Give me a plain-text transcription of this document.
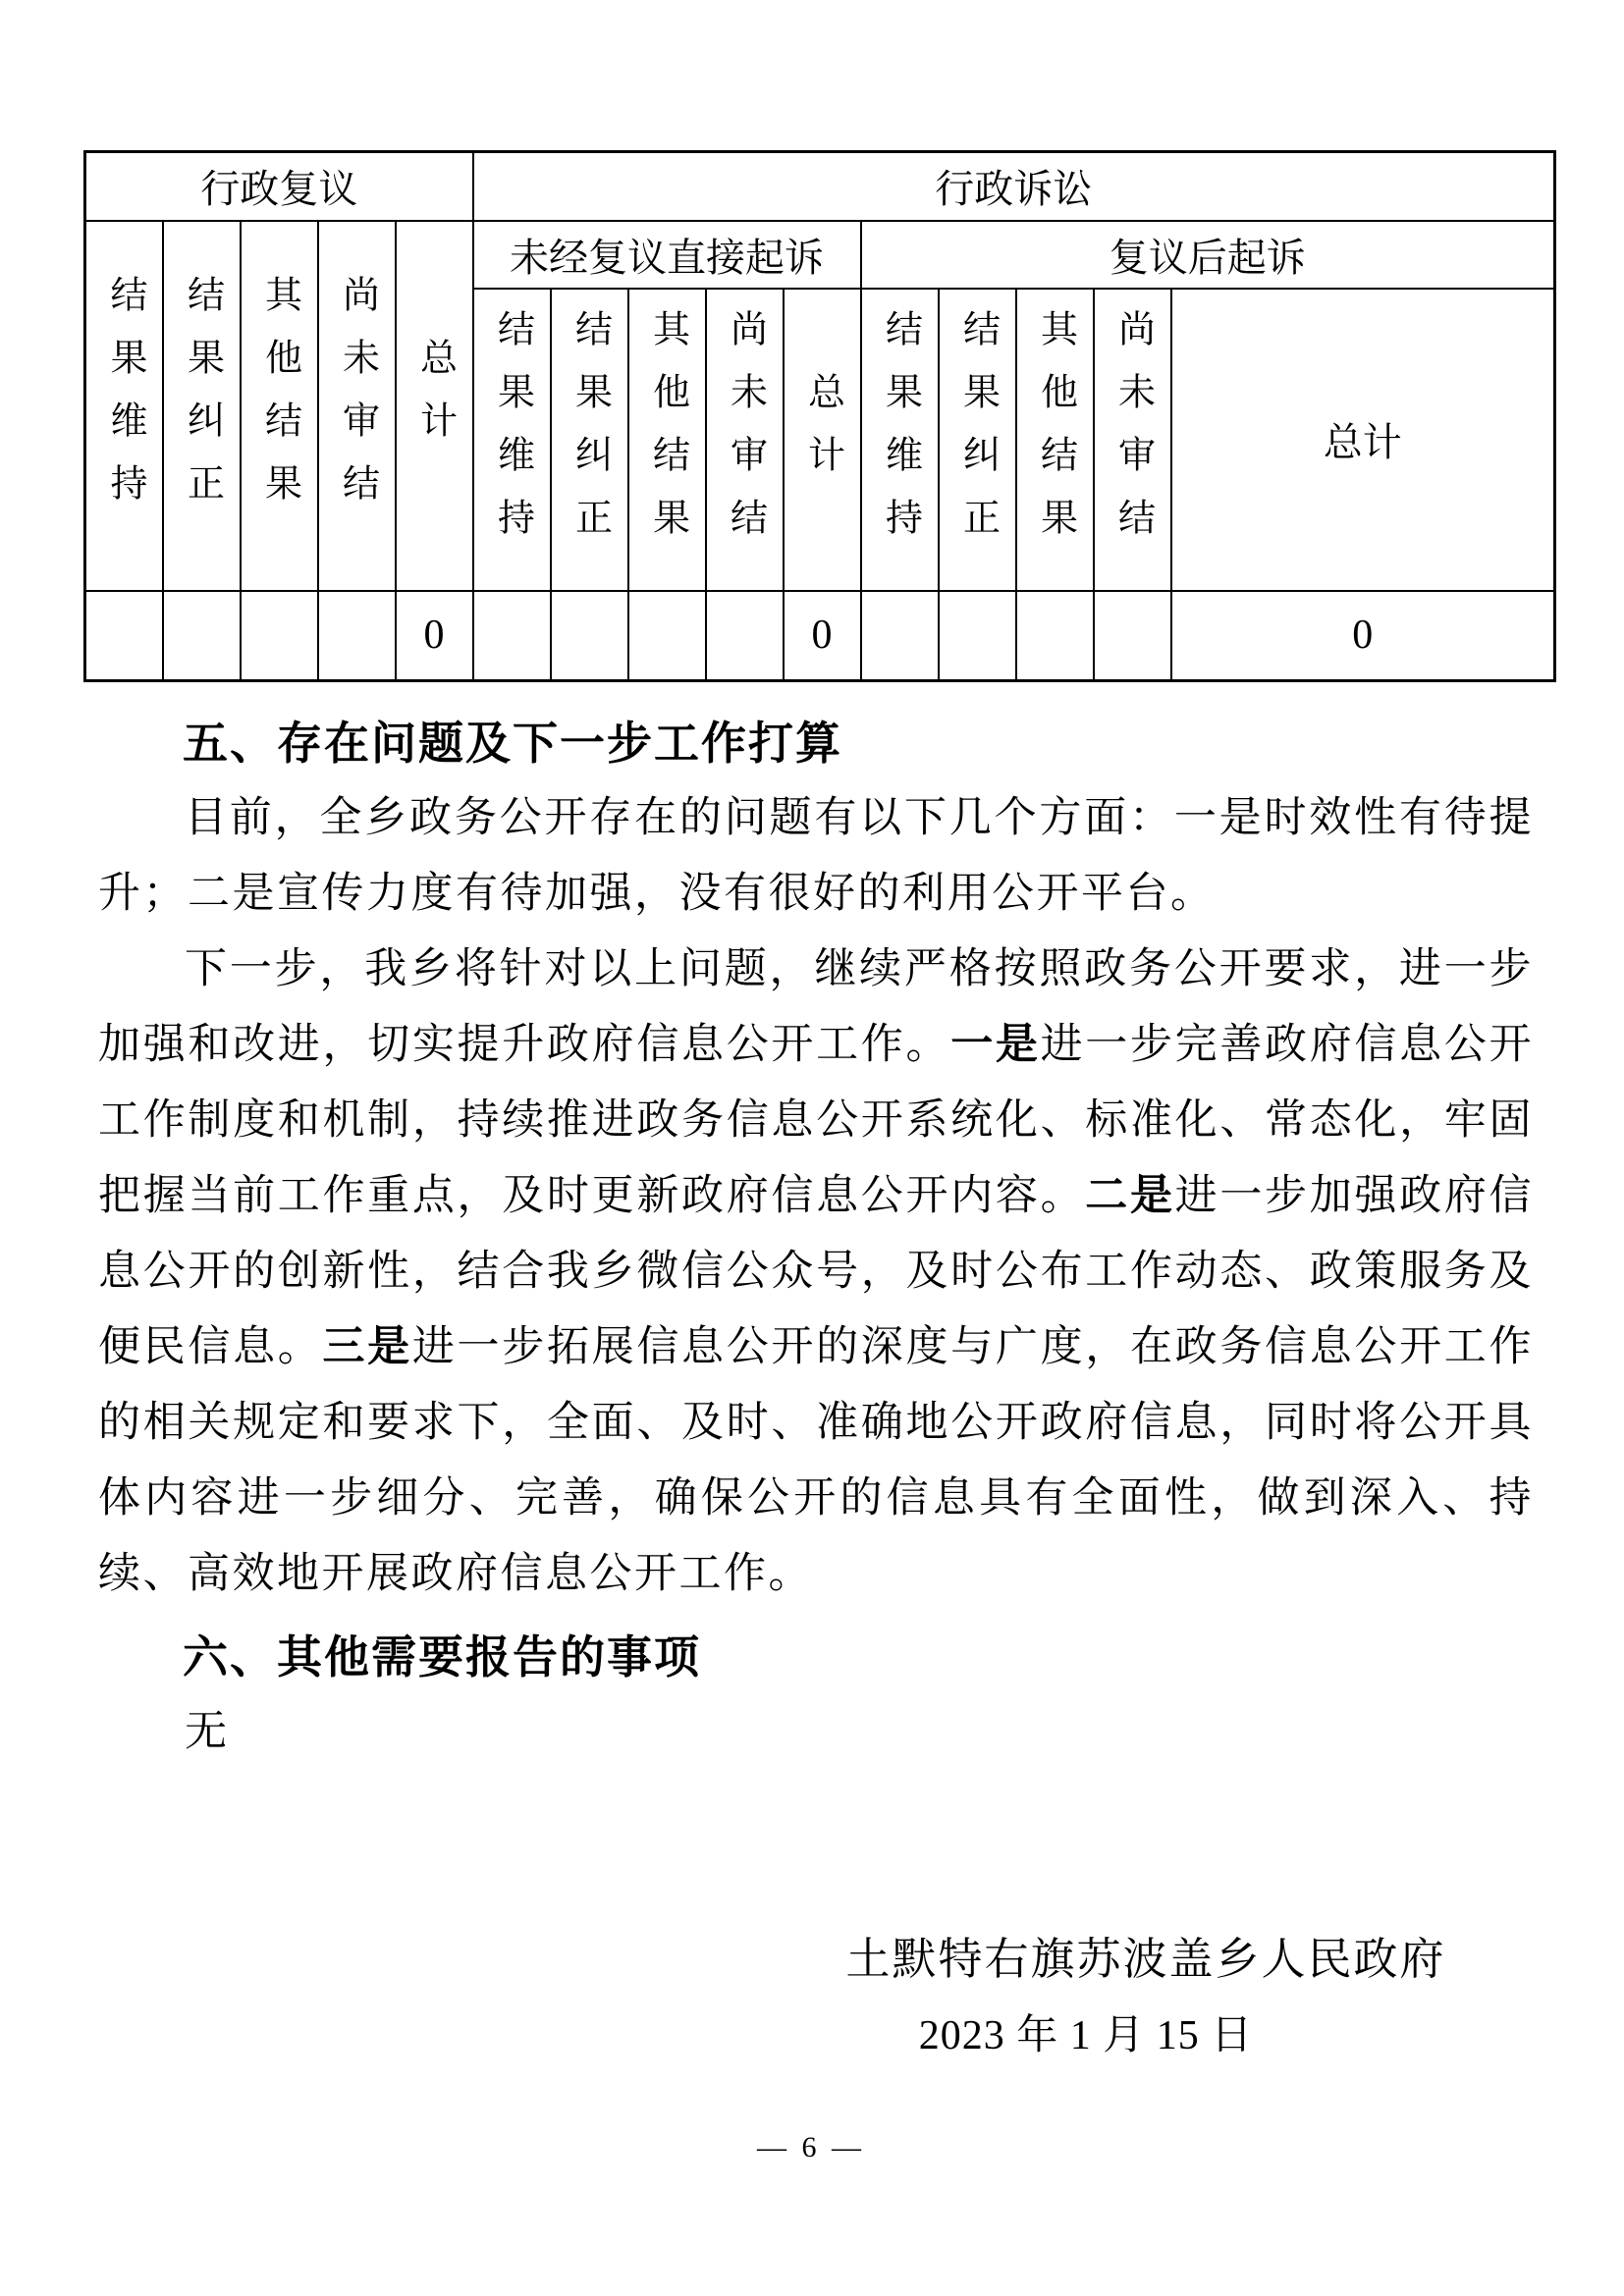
行政复议					行政诉讼									
结果维持	结果纠正	其他结果	尚未审结	总计	未经复议直接起诉					复议后起诉				
					结果维持	结果纠正	其他结果	尚未审结	总计	结果维持	结果纠正	其他结果	尚未审结	总计
				0					0					0
五、存在问题及下一步工作打算

目前，全乡政务公开存在的问题有以下几个方面：一是时效性有待提升；二是宣传力度有待加强，没有很好的利用公开平台。

下一步，我乡将针对以上问题，继续严格按照政务公开要求，进一步加强和改进，切实提升政府信息公开工作。一是进一步完善政府信息公开工作制度和机制，持续推进政务信息公开系统化、标准化、常态化，牢固把握当前工作重点，及时更新政府信息公开内容。二是进一步加强政府信息公开的创新性，结合我乡微信公众号，及时公布工作动态、政策服务及便民信息。三是进一步拓展信息公开的深度与广度，在政务信息公开工作的相关规定和要求下，全面、及时、准确地公开政府信息，同时将公开具体内容进一步细分、完善，确保公开的信息具有全面性，做到深入、持续、高效地开展政府信息公开工作。

六、其他需要报告的事项
无
土默特右旗苏波盖乡人民政府
2023 年 1 月 15 日
— 6 —
